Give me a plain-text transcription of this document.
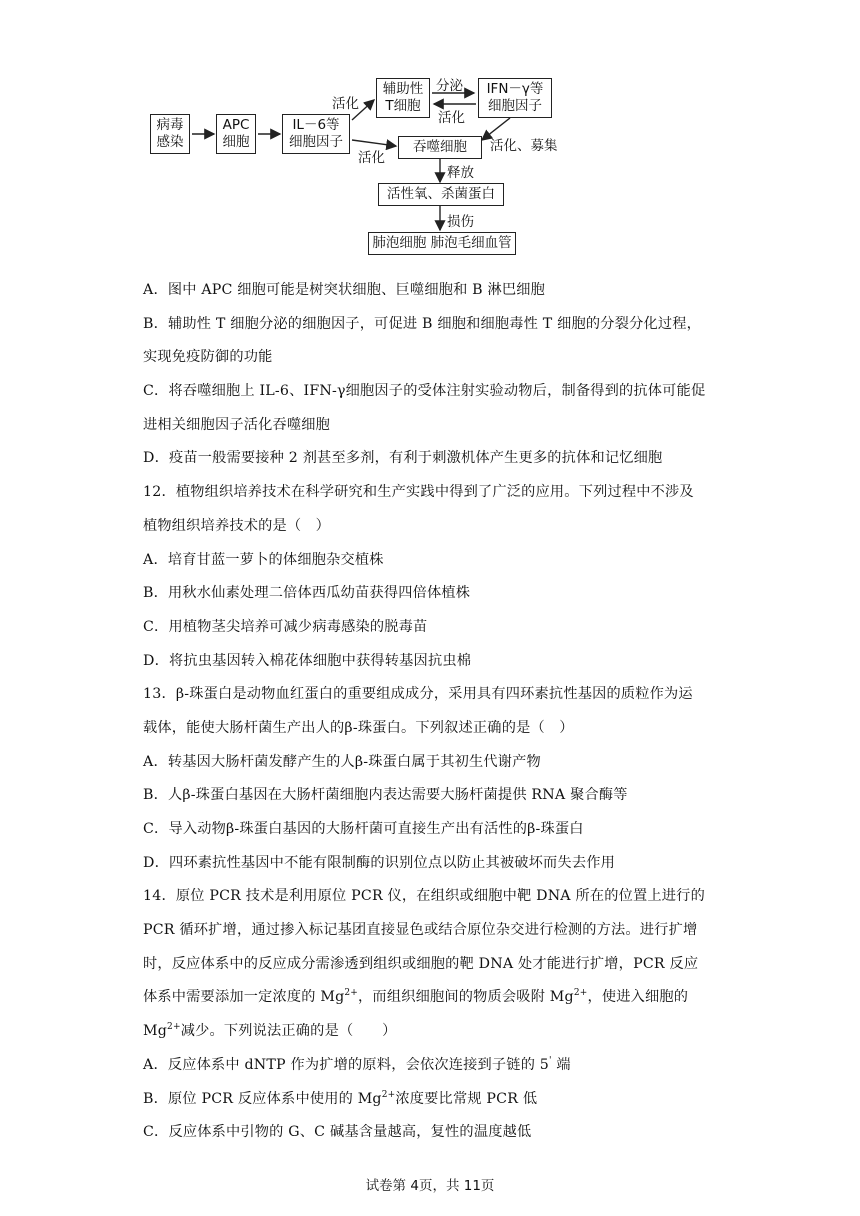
病毒
感染
APC
细胞
IL－6等
细胞因子
辅助性
T细胞
IFN－γ等
细胞因子
吞噬细胞
活性氧、杀菌蛋白
肺泡细胞 肺泡毛细血管
活化
分泌
活化
活化
活化、募集
释放
损伤
A．图中 APC 细胞可能是树突状细胞、巨噬细胞和 B 淋巴细胞
B．辅助性 T 细胞分泌的细胞因子，可促进 B 细胞和细胞毒性 T 细胞的分裂分化过程，
实现免疫防御的功能
C．将吞噬细胞上 IL-6、IFN-γ细胞因子的受体注射实验动物后，制备得到的抗体可能促
进相关细胞因子活化吞噬细胞
D．疫苗一般需要接种 2 剂甚至多剂，有利于刺激机体产生更多的抗体和记忆细胞
12．植物组织培养技术在科学研究和生产实践中得到了广泛的应用。下列过程中不涉及
植物组织培养技术的是（　）
A．培育甘蓝一萝卜的体细胞杂交植株
B．用秋水仙素处理二倍体西瓜幼苗获得四倍体植株
C．用植物茎尖培养可减少病毒感染的脱毒苗
D．将抗虫基因转入棉花体细胞中获得转基因抗虫棉
13．β-珠蛋白是动物血红蛋白的重要组成成分，采用具有四环素抗性基因的质粒作为运
载体，能使大肠杆菌生产出人的β-珠蛋白。下列叙述正确的是（　）
A．转基因大肠杆菌发酵产生的人β-珠蛋白属于其初生代谢产物
B．人β-珠蛋白基因在大肠杆菌细胞内表达需要大肠杆菌提供 RNA 聚合酶等
C．导入动物β-珠蛋白基因的大肠杆菌可直接生产出有活性的β-珠蛋白
D．四环素抗性基因中不能有限制酶的识别位点以防止其被破坏而失去作用
14．原位 PCR 技术是利用原位 PCR 仪，在组织或细胞中靶 DNA 所在的位置上进行的
PCR 循环扩增，通过掺入标记基团直接显色或结合原位杂交进行检测的方法。进行扩增
时，反应体系中的反应成分需渗透到组织或细胞的靶 DNA 处才能进行扩增，PCR 反应
体系中需要添加一定浓度的 $Mg^{2+}$，而组织细胞间的物质会吸附 $Mg^{2+}$，使进入细胞的
$Mg^{2+}$减少。下列说法正确的是（　　）
A．反应体系中 dNTP 作为扩增的原料，会依次连接到子链的 5' 端
B．原位 PCR 反应体系中使用的 $Mg^{2+}$浓度要比常规 PCR 低
C．反应体系中引物的 G、C 碱基含量越高，复性的温度越低
试卷第 4页，共 11页
